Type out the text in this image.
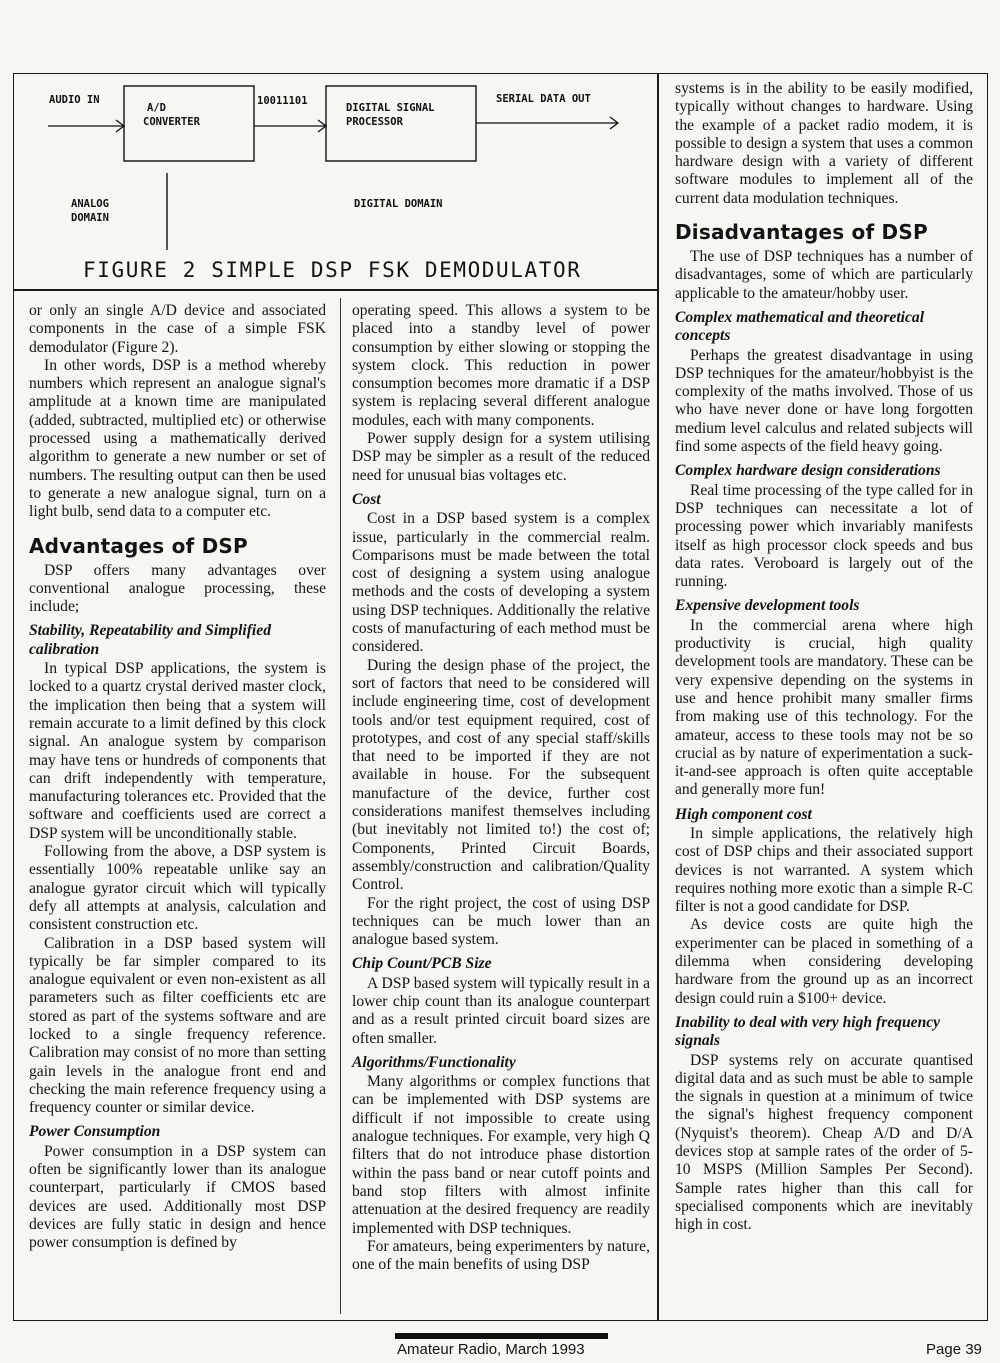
AUDIO IN
A/D
CONVERTER
10011101
DIGITAL SIGNAL
PROCESSOR
SERIAL DATA OUT
ANALOG
DOMAIN
DIGITAL DOMAIN
FIGURE 2 SIMPLE DSP FSK DEMODULATOR

or only an single A/D device and associated components in the case of a simple FSK demodulator (Figure 2).

In other words, DSP is a method whereby numbers which represent an analogue signal's amplitude at a known time are manipulated (added, subtracted, multiplied etc) or otherwise processed using a mathematically derived algorithm to generate a new number or set of numbers. The resulting output can then be used to generate a new analogue signal, turn on a light bulb, send data to a computer etc.

Advantages of DSP

DSP offers many advantages over conventional analogue processing, these include;

Stability, Repeatability and Simplified calibration

In typical DSP applications, the system is locked to a quartz crystal derived master clock, the implication then being that a system will remain accurate to a limit defined by this clock signal. An analogue system by comparison may have tens or hundreds of components that can drift independently with temperature, manufacturing tolerances etc. Provided that the software and coefficients used are correct a DSP system will be unconditionally stable.

Following from the above, a DSP system is essentially 100% repeatable unlike say an analogue gyrator circuit which will typically defy all attempts at analysis, calculation and consistent construction etc.

Calibration in a DSP based system will typically be far simpler compared to its analogue equivalent or even non-existent as all parameters such as filter coefficients etc are stored as part of the systems software and are locked to a single frequency reference. Calibration may consist of no more than setting gain levels in the analogue front end and checking the main reference frequency using a frequency counter or similar device.

Power Consumption

Power consumption in a DSP system can often be significantly lower than its analogue counterpart, particularly if CMOS based devices are used. Additionally most DSP devices are fully static in design and hence power consumption is defined by

operating speed. This allows a system to be placed into a standby level of power consumption by either slowing or stopping the system clock. This reduction in power consumption becomes more dramatic if a DSP system is replacing several different analogue modules, each with many components.

Power supply design for a system utilising DSP may be simpler as a result of the reduced need for unusual bias voltages etc.

Cost

Cost in a DSP based system is a complex issue, particularly in the commercial realm. Comparisons must be made between the total cost of designing a system using analogue methods and the costs of developing a system using DSP techniques. Additionally the relative costs of manufacturing of each method must be considered.

During the design phase of the project, the sort of factors that need to be considered will include engineering time, cost of development tools and/or test equipment required, cost of prototypes, and cost of any special staff/skills that need to be imported if they are not available in house. For the subsequent manufacture of the device, further cost considerations manifest themselves including (but inevitably not limited to!) the cost of; Components, Printed Circuit Boards, assembly/construction and calibration/Quality Control.

For the right project, the cost of using DSP techniques can be much lower than an analogue based system.

Chip Count/PCB Size

A DSP based system will typically result in a lower chip count than its analogue counterpart and as a result printed circuit board sizes are often smaller.

Algorithms/Functionality

Many algorithms or complex functions that can be implemented with DSP systems are difficult if not impossible to create using analogue techniques. For example, very high Q filters that do not introduce phase distortion within the pass band or near cutoff points and band stop filters with almost infinite attenuation at the desired frequency are readily implemented with DSP techniques.

For amateurs, being experimenters by nature, one of the main benefits of using DSP

systems is in the ability to be easily modified, typically without changes to hardware. Using the example of a packet radio modem, it is possible to design a system that uses a common hardware design with a variety of different software modules to implement all of the current data modulation techniques.

Disadvantages of DSP

The use of DSP techniques has a number of disadvantages, some of which are particularly applicable to the amateur/hobby user.

Complex mathematical and theoretical concepts

Perhaps the greatest disadvantage in using DSP techniques for the amateur/hobbyist is the complexity of the maths involved. Those of us who have never done or have long forgotten medium level calculus and related subjects will find some aspects of the field heavy going.

Complex hardware design considerations

Real time processing of the type called for in DSP techniques can necessitate a lot of processing power which invariably manifests itself as high processor clock speeds and bus data rates. Veroboard is largely out of the running.

Expensive development tools

In the commercial arena where high productivity is crucial, high quality development tools are mandatory. These can be very expensive depending on the systems in use and hence prohibit many smaller firms from making use of this technology. For the amateur, access to these tools may not be so crucial as by nature of experimentation a suck-it-and-see approach is often quite acceptable and generally more fun!

High component cost

In simple applications, the relatively high cost of DSP chips and their associated support devices is not warranted. A system which requires nothing more exotic than a simple R-C filter is not a good candidate for DSP.

As device costs are quite high the experimenter can be placed in something of a dilemma when considering developing hardware from the ground up as an incorrect design could ruin a $100+ device.

Inability to deal with very high frequency signals

DSP systems rely on accurate quantised digital data and as such must be able to sample the signals in question at a minimum of twice the signal's highest frequency component (Nyquist's theorem). Cheap A/D and D/A devices stop at sample rates of the order of 5-10 MSPS (Million Samples Per Second). Sample rates higher than this call for specialised components which are inevitably high in cost.

Amateur Radio, March 1993	Page 39
